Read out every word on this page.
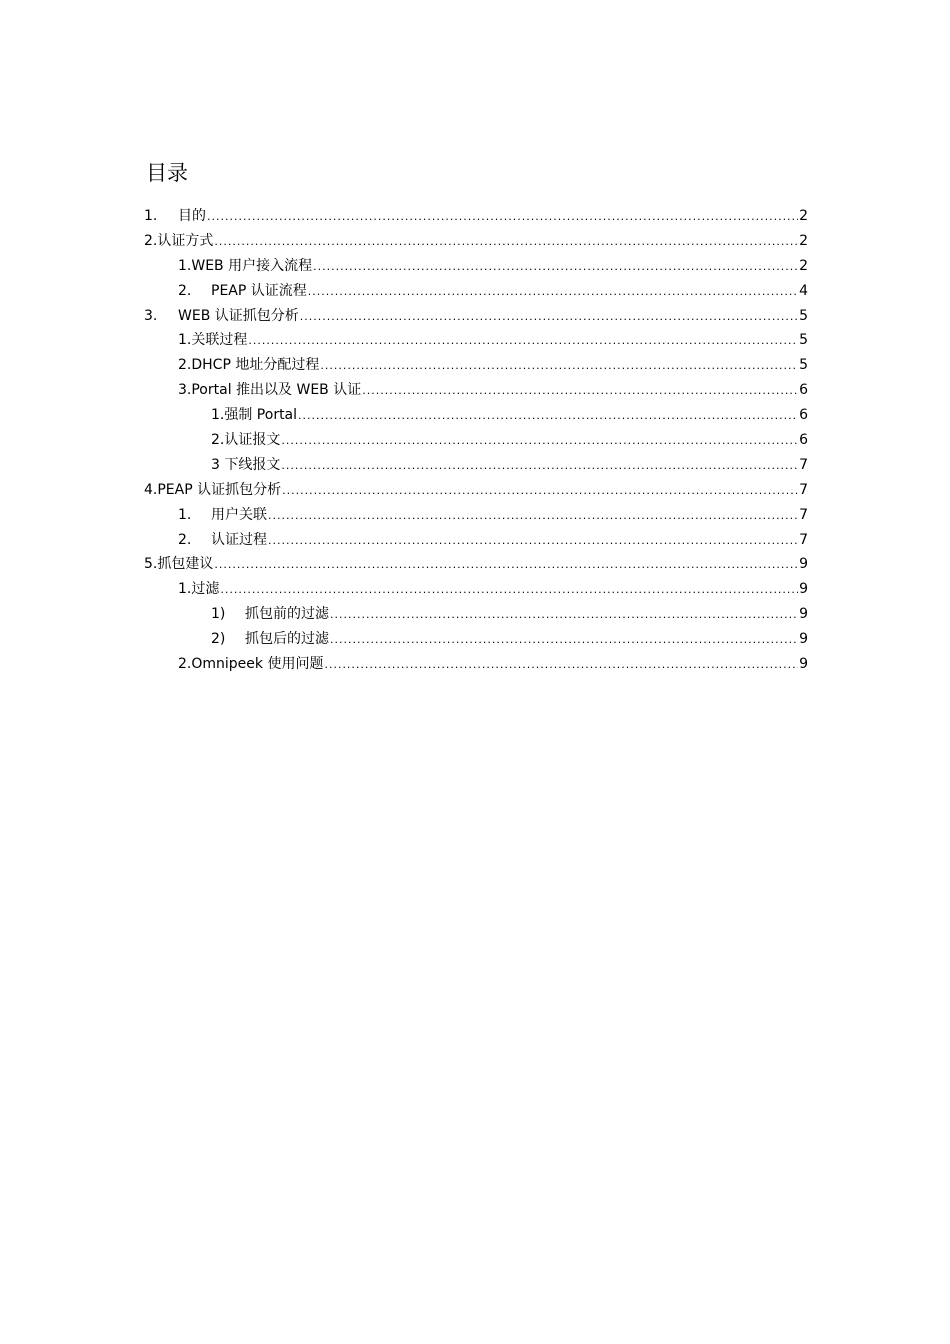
目录
1.	目的 .....	2
2.认证方式 .....	2
1.WEB 用户接入流程 .....	2
2.	PEAP 认证流程 .....	4
3.	WEB 认证抓包分析 .....	5
1.关联过程 .....	5
2.DHCP 地址分配过程 .....	5
3.Portal 推出以及 WEB 认证 .....	6
1.强制 Portal .....	6
2.认证报文 .....	6
3 下线报文 .....	7
4.PEAP 认证抓包分析 .....	7
1.	用户关联 .....	7
2.	认证过程 .....	7
5.抓包建议 .....	9
1.过滤 .....	9
1)	抓包前的过滤 .....	9
2)	抓包后的过滤 .....	9
2.Omnipeek 使用问题 .....	9
